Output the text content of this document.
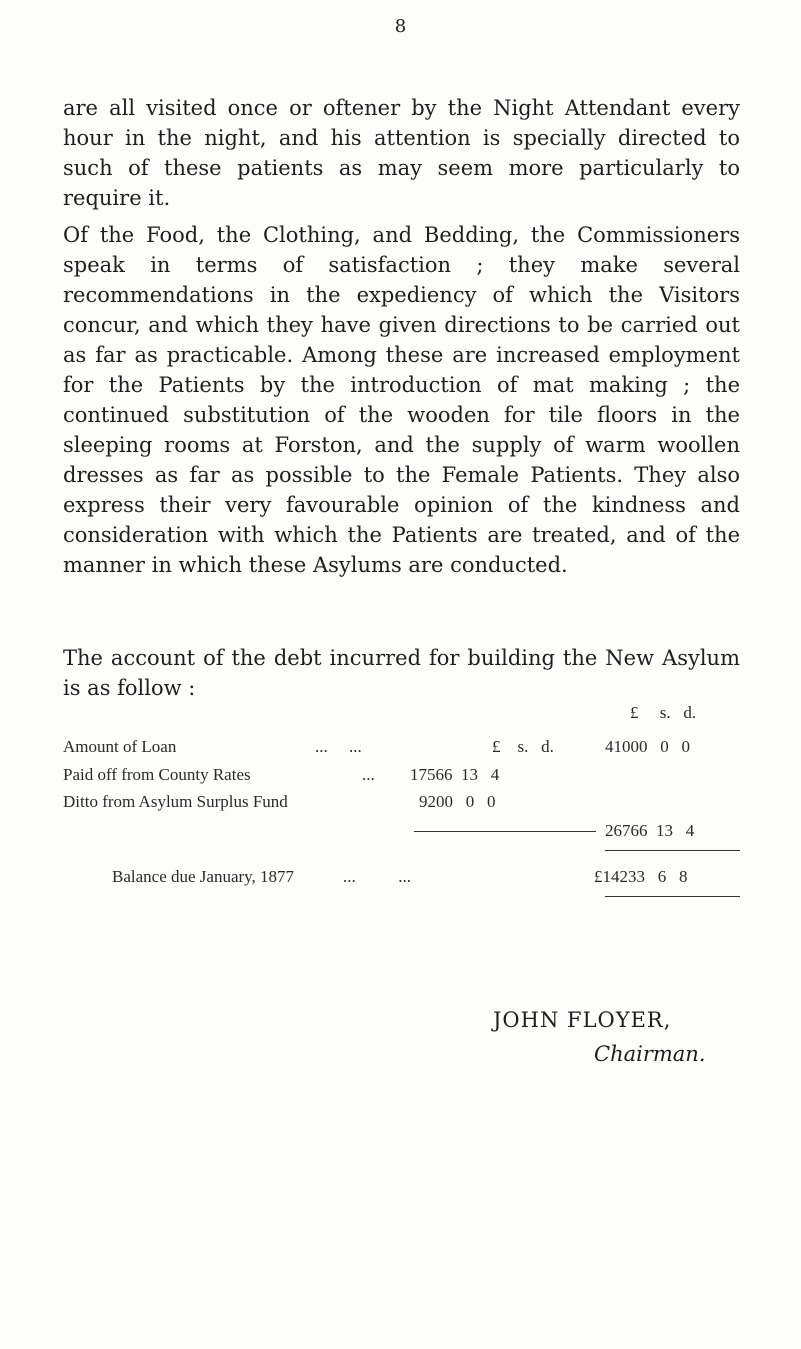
8

are all visited once or oftener by the Night Attendant every hour in the night, and his attention is specially directed to such of these patients as may seem more particularly to require it.

Of the Food, the Clothing, and Bedding, the Commissioners speak in terms of satisfaction ; they make several recommendations in the expediency of which the Visitors concur, and which they have given directions to be carried out as far as practicable. Among these are increased employment for the Patients by the introduction of mat making ; the continued substitution of the wooden for tile floors in the sleeping rooms at Forston, and the supply of warm woollen dresses as far as possible to the Female Patients. They also express their very favourable opinion of the kindness and consideration with which the Patients are treated, and of the manner in which these Asylums are conducted.

The account of the debt incurred for building the New Asylum is as follow :

£     s.   d.
£    s.   d.
Amount of Loan	...     ...	41000   0   0
Paid off from County Rates	... 17566  13   4
Ditto from Asylum Surplus Fund	9200   0   0
26766  13   4
Balance due January, 1877	...          ...	£14233   6   8
JOHN FLOYER,
Chairman.
